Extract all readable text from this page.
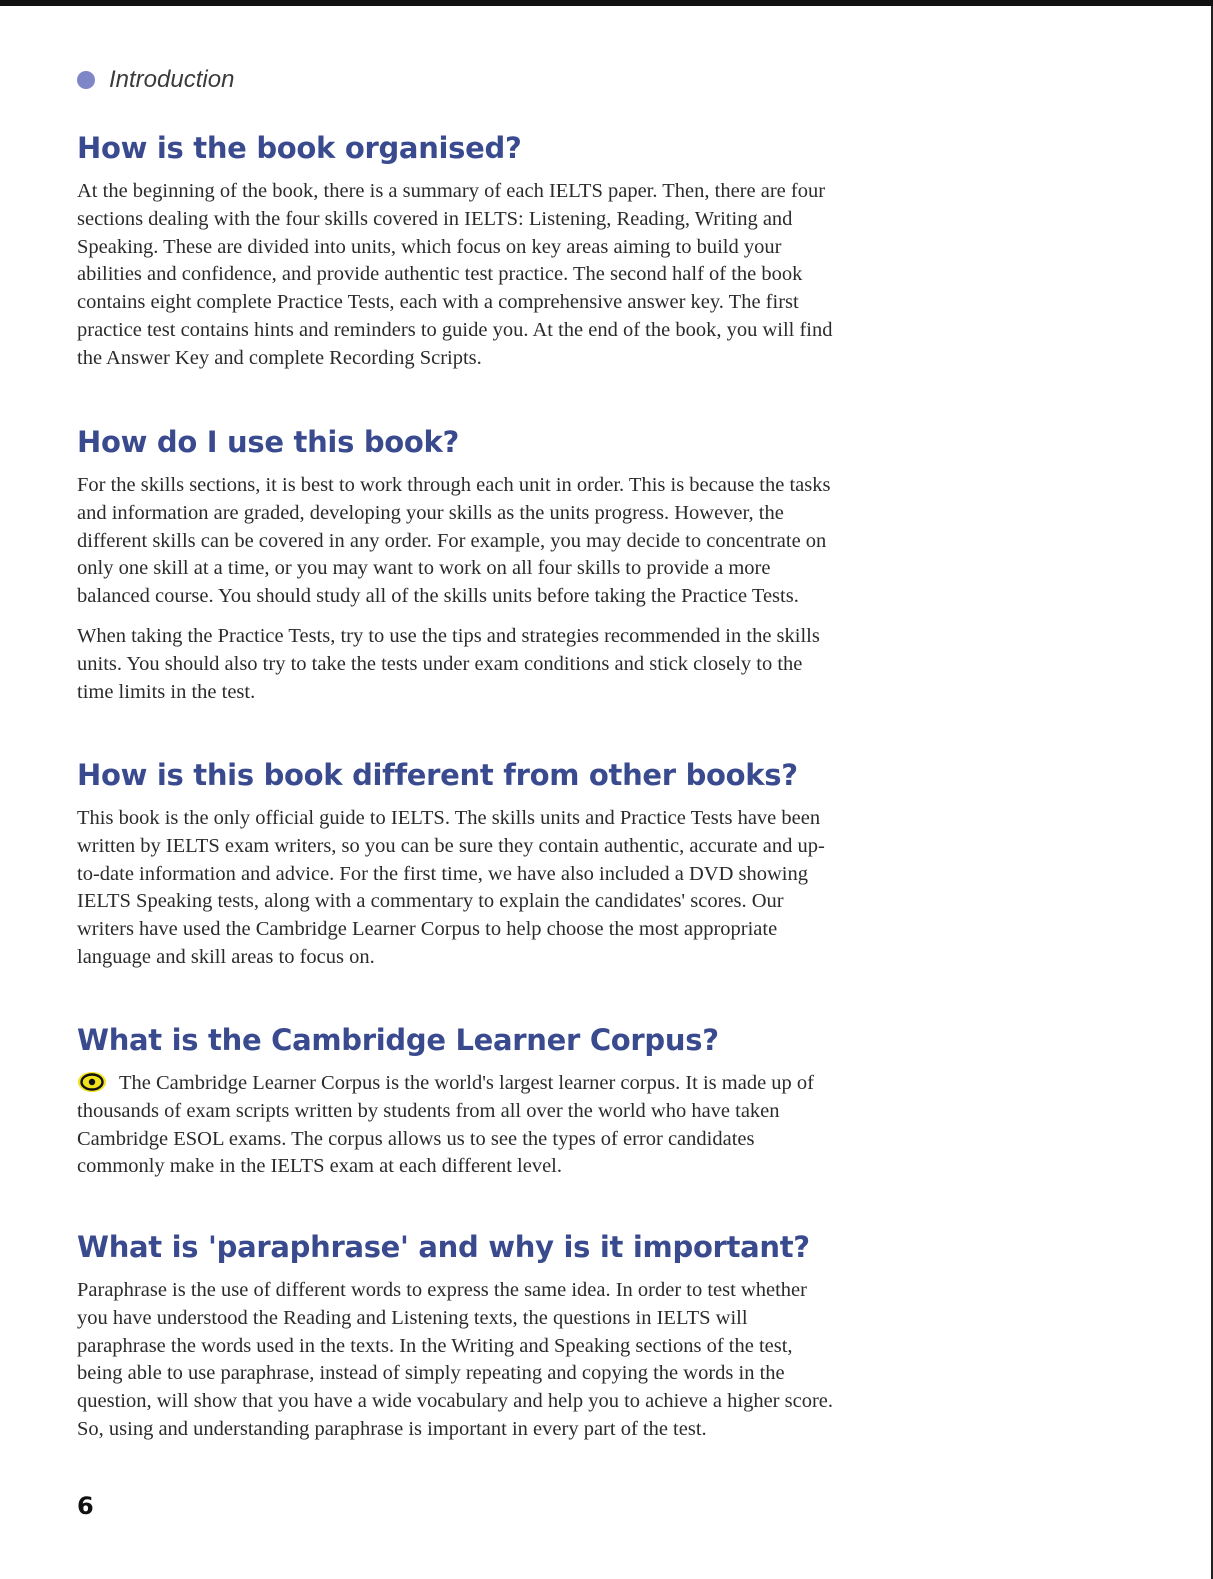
Introduction
How is the book organised?

At the beginning of the book, there is a summary of each IELTS paper. Then, there are four sections dealing with the four skills covered in IELTS: Listening, Reading, Writing and Speaking. These are divided into units, which focus on key areas aiming to build your abilities and confidence, and provide authentic test practice. The second half of the book contains eight complete Practice Tests, each with a comprehensive answer key. The first practice test contains hints and reminders to guide you. At the end of the book, you will find the Answer Key and complete Recording Scripts.

How do I use this book?

For the skills sections, it is best to work through each unit in order. This is because the tasks and information are graded, developing your skills as the units progress. However, the different skills can be covered in any order. For example, you may decide to concentrate on only one skill at a time, or you may want to work on all four skills to provide a more balanced course. You should study all of the skills units before taking the Practice Tests.

When taking the Practice Tests, try to use the tips and strategies recommended in the skills units. You should also try to take the tests under exam conditions and stick closely to the time limits in the test.

How is this book different from other books?

This book is the only official guide to IELTS. The skills units and Practice Tests have been written by IELTS exam writers, so you can be sure they contain authentic, accurate and up-to-date information and advice. For the first time, we have also included a DVD showing IELTS Speaking tests, along with a commentary to explain the candidates' scores. Our writers have used the Cambridge Learner Corpus to help choose the most appropriate language and skill areas to focus on.

What is the Cambridge Learner Corpus?

The Cambridge Learner Corpus is the world's largest learner corpus. It is made up of thousands of exam scripts written by students from all over the world who have taken Cambridge ESOL exams. The corpus allows us to see the types of error candidates commonly make in the IELTS exam at each different level.

What is 'paraphrase' and why is it important?

Paraphrase is the use of different words to express the same idea. In order to test whether you have understood the Reading and Listening texts, the questions in IELTS will paraphrase the words used in the texts. In the Writing and Speaking sections of the test, being able to use paraphrase, instead of simply repeating and copying the words in the question, will show that you have a wide vocabulary and help you to achieve a higher score. So, using and understanding paraphrase is important in every part of the test.

6
